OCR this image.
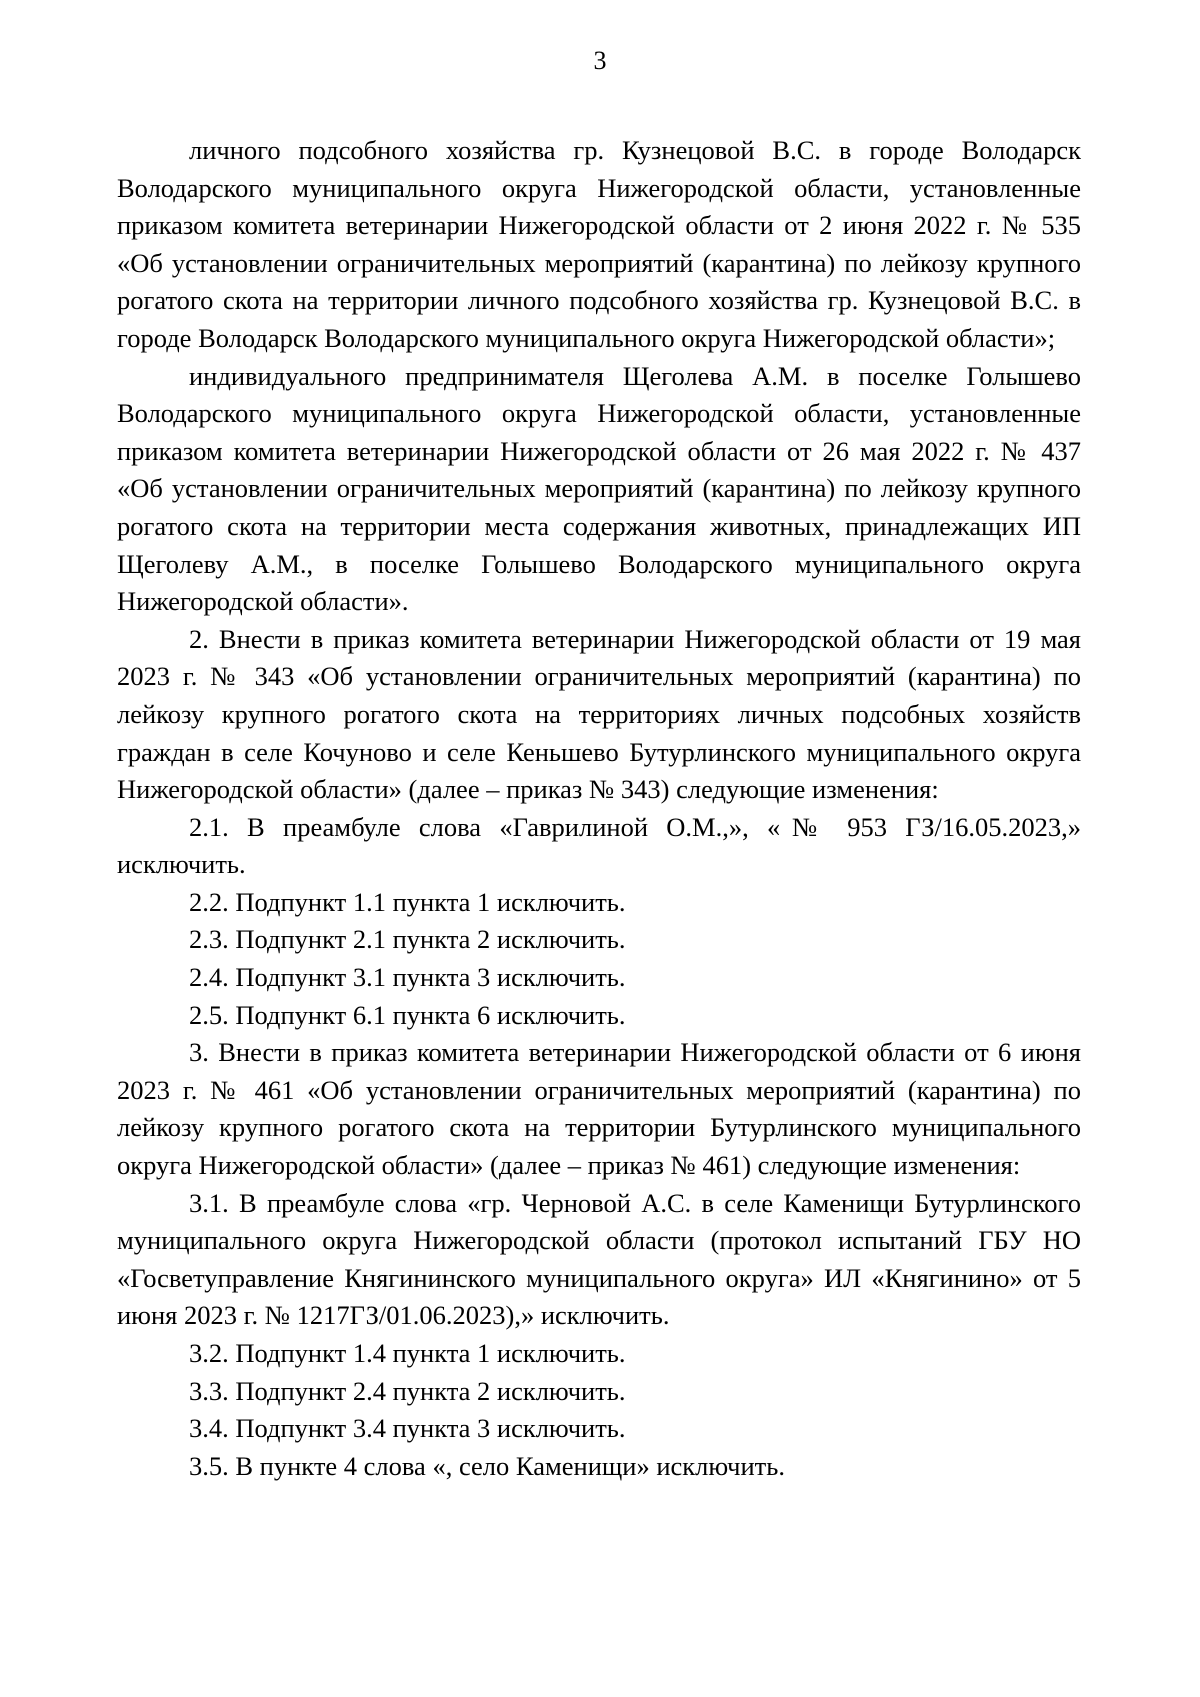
3

личного подсобного хозяйства гр. Кузнецовой В.С. в городе Володарск Володарского муниципального округа Нижегородской области, установленные приказом комитета ветеринарии Нижегородской области от 2 июня 2022 г. № 535 «Об установлении ограничительных мероприятий (карантина) по лейкозу крупного рогатого скота на территории личного подсобного хозяйства гр. Кузнецовой В.С. в городе Володарск Володарского муниципального округа Нижегородской области»;

индивидуального предпринимателя Щеголева А.М. в поселке Голышево Володарского муниципального округа Нижегородской области, установленные приказом комитета ветеринарии Нижегородской области от 26 мая 2022 г. № 437 «Об установлении ограничительных мероприятий (карантина) по лейкозу крупного рогатого скота на территории места содержания животных, принадлежащих ИП Щеголеву А.М., в поселке Голышево Володарского муниципального округа Нижегородской области».

2. Внести в приказ комитета ветеринарии Нижегородской области от 19 мая 2023 г. № 343 «Об установлении ограничительных мероприятий (карантина) по лейкозу крупного рогатого скота на территориях личных подсобных хозяйств граждан в селе Кочуново и селе Кеньшево Бутурлинского муниципального округа Нижегородской области» (далее – приказ № 343) следующие изменения:

2.1. В преамбуле слова «Гаврилиной О.М.,», «№ 953 ГЗ/16.05.2023,» исключить.

2.2. Подпункт 1.1 пункта 1 исключить.

2.3. Подпункт 2.1 пункта 2 исключить.

2.4. Подпункт 3.1 пункта 3 исключить.

2.5. Подпункт 6.1 пункта 6 исключить.

3. Внести в приказ комитета ветеринарии Нижегородской области от 6 июня 2023 г. № 461 «Об установлении ограничительных мероприятий (карантина) по лейкозу крупного рогатого скота на территории Бутурлинского муниципального округа Нижегородской области» (далее – приказ № 461) следующие изменения:

3.1. В преамбуле слова «гр. Черновой А.С. в селе Каменищи Бутурлинского муниципального округа Нижегородской области (протокол испытаний ГБУ НО «Госветуправление Княгининского муниципального округа» ИЛ «Княгинино» от 5 июня 2023 г. № 1217ГЗ/01.06.2023),» исключить.

3.2. Подпункт 1.4 пункта 1 исключить.

3.3. Подпункт 2.4 пункта 2 исключить.

3.4. Подпункт 3.4 пункта 3 исключить.

3.5. В пункте 4 слова «, село Каменищи» исключить.
